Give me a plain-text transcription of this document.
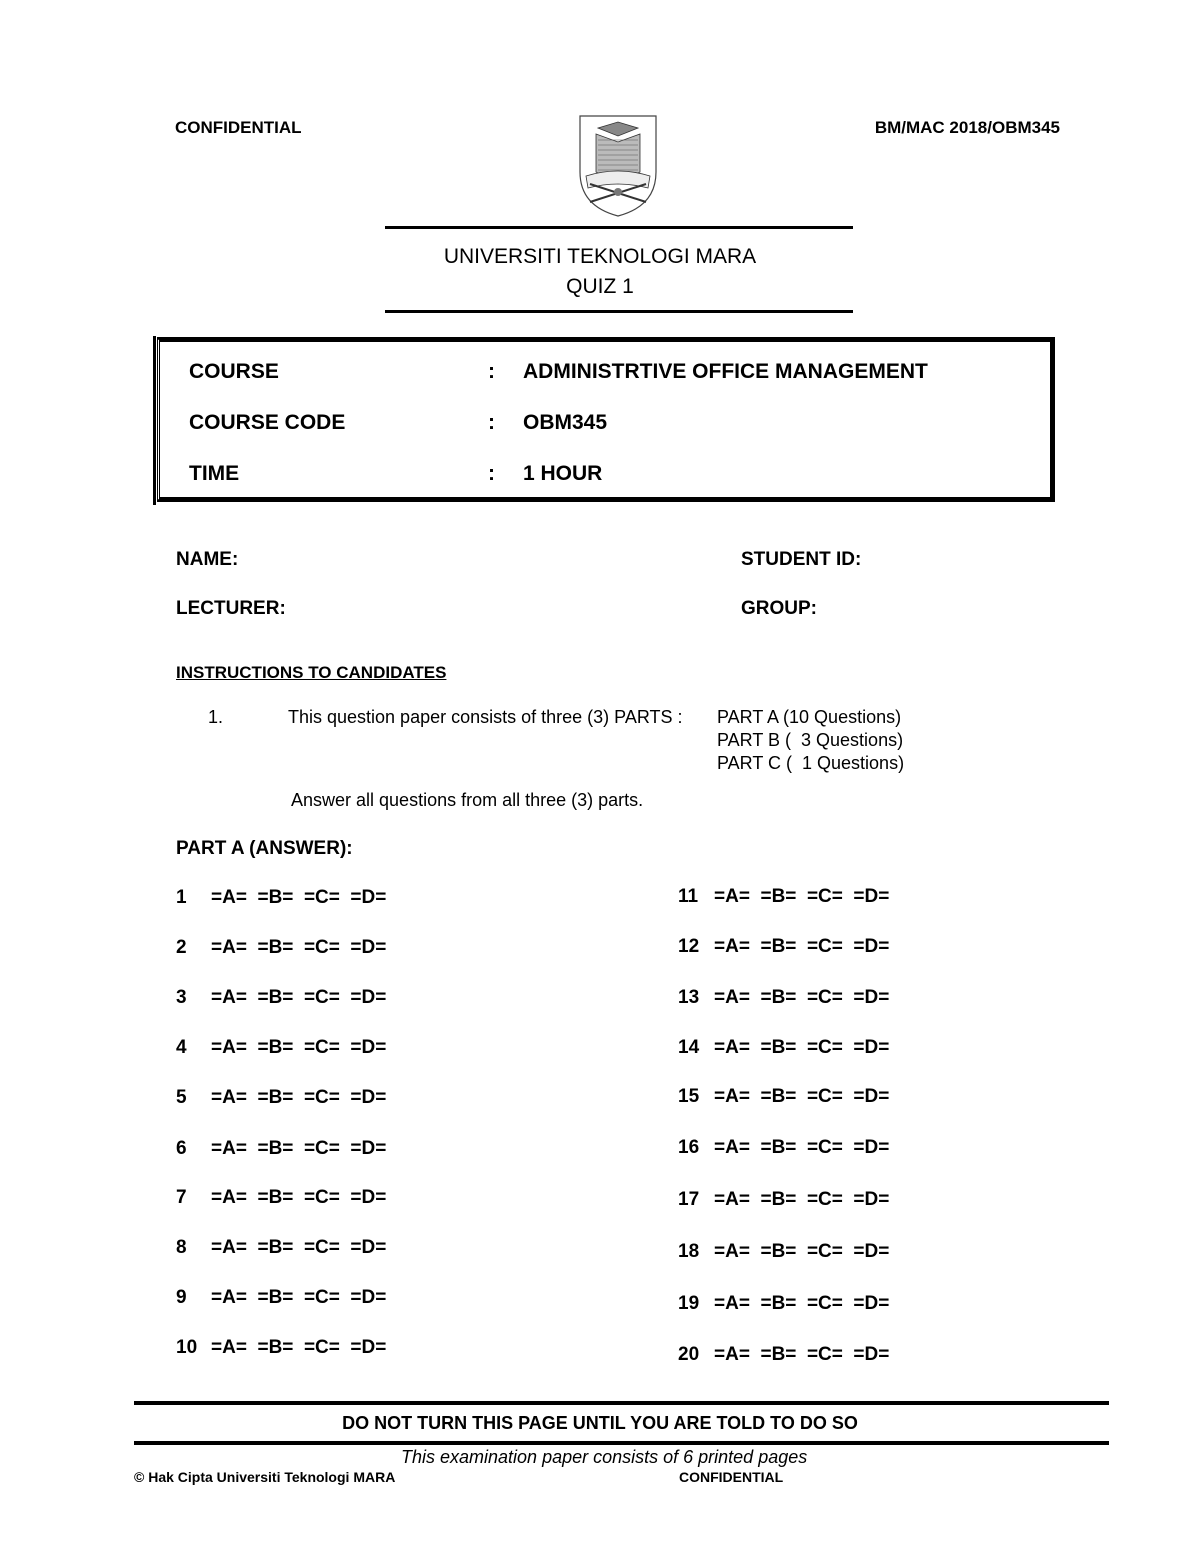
CONFIDENTIAL	BM/MAC 2018/OBM345
UNIVERSITI TEKNOLOGI MARA
QUIZ 1
COURSE	: ADMINISTRTIVE OFFICE MANAGEMENT
COURSE CODE	: OBM345
TIME	: 1 HOUR
NAME:	STUDENT ID:
LECTURER:	GROUP:
INSTRUCTIONS TO CANDIDATES
1.	This question paper consists of three (3) PARTS : PART A (10 Questions)
PART B (  3 Questions)
PART C (  1 Questions)
Answer all questions from all three (3) parts.
PART A (ANSWER):
1 =A=  =B=  =C=  =D=
2 =A=  =B=  =C=  =D=
3 =A=  =B=  =C=  =D=
4 =A=  =B=  =C=  =D=
5 =A=  =B=  =C=  =D=
6 =A=  =B=  =C=  =D=
7 =A=  =B=  =C=  =D=
8 =A=  =B=  =C=  =D=
9 =A=  =B=  =C=  =D=
10 =A=  =B=  =C=  =D=
11 =A=  =B=  =C=  =D=
12 =A=  =B=  =C=  =D=
13 =A=  =B=  =C=  =D=
14 =A=  =B=  =C=  =D=
15 =A=  =B=  =C=  =D=
16 =A=  =B=  =C=  =D=
17 =A=  =B=  =C=  =D=
18 =A=  =B=  =C=  =D=
19 =A=  =B=  =C=  =D=
20 =A=  =B=  =C=  =D=
DO NOT TURN THIS PAGE UNTIL YOU ARE TOLD TO DO SO
This examination paper consists of 6 printed pages
© Hak Cipta Universiti Teknologi MARA	CONFIDENTIAL
